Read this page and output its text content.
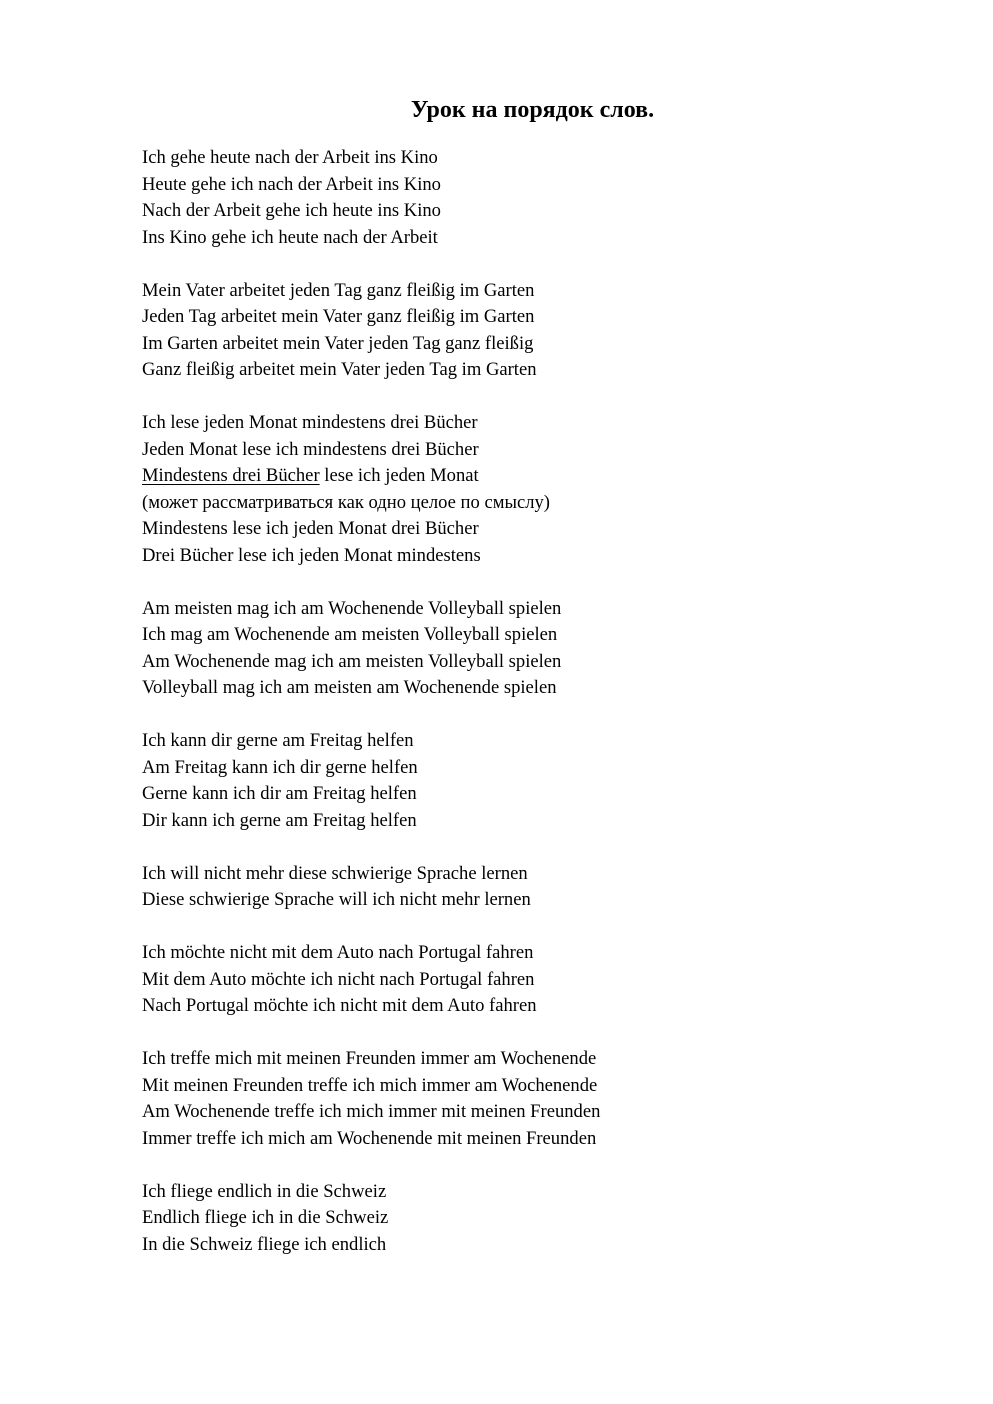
Урок на порядок слов.
Ich gehe heute nach der Arbeit ins Kino
Heute gehe ich nach der Arbeit ins Kino
Nach der Arbeit gehe ich heute ins Kino
Ins Kino gehe ich heute nach der Arbeit
Mein Vater arbeitet jeden Tag ganz fleißig im Garten
Jeden Tag arbeitet mein Vater ganz fleißig im Garten
Im Garten arbeitet mein Vater jeden Tag ganz fleißig
Ganz fleißig arbeitet mein Vater jeden Tag im Garten
Ich lese jeden Monat mindestens drei Bücher
Jeden Monat lese ich mindestens drei Bücher
Mindestens drei Bücher lese ich jeden Monat
(может рассматриваться как одно целое по смыслу)
Mindestens lese ich jeden Monat drei Bücher
Drei Bücher lese ich jeden Monat mindestens
Am meisten mag ich am Wochenende Volleyball spielen
Ich mag am Wochenende am meisten Volleyball spielen
Am Wochenende mag ich am meisten Volleyball spielen
Volleyball mag ich am meisten am Wochenende spielen
Ich kann dir gerne am Freitag helfen
Am Freitag kann ich dir gerne helfen
Gerne kann ich dir am Freitag helfen
Dir kann ich gerne am Freitag helfen
Ich will nicht mehr diese schwierige Sprache lernen
Diese schwierige Sprache will ich nicht mehr lernen
Ich möchte nicht mit dem Auto nach Portugal fahren
Mit dem Auto möchte ich nicht nach Portugal fahren
Nach Portugal möchte ich nicht mit dem Auto fahren
Ich treffe mich mit meinen Freunden immer am Wochenende
Mit meinen Freunden treffe ich mich immer am Wochenende
Am Wochenende treffe ich mich immer mit meinen Freunden
Immer treffe ich mich am Wochenende mit meinen Freunden
Ich fliege endlich in die Schweiz
Endlich fliege ich in die Schweiz
In die Schweiz fliege ich endlich
